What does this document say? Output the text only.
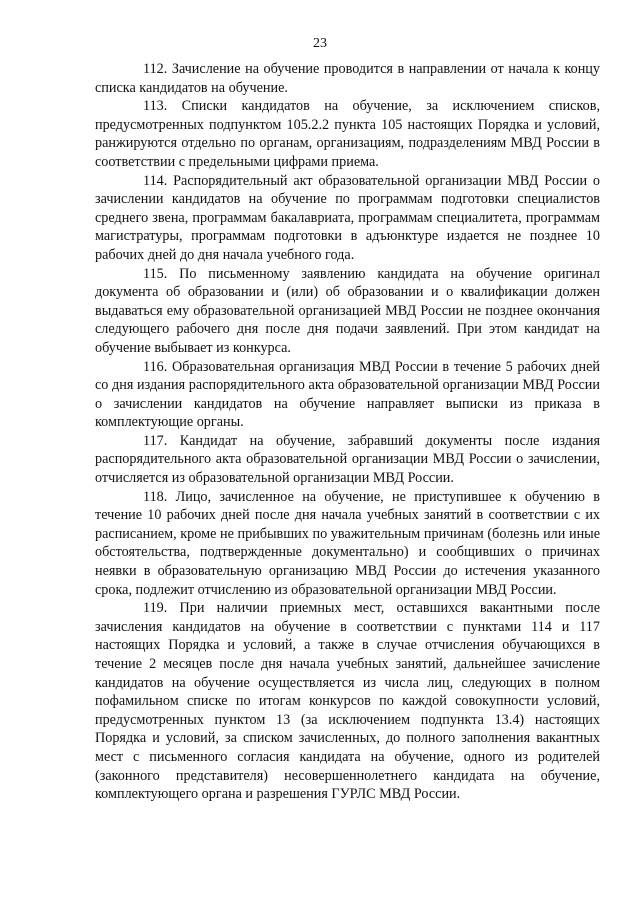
23

112. Зачисление на обучение проводится в направлении от начала к концу списка кандидатов на обучение.

113. Списки кандидатов на обучение, за исключением списков, предусмотренных подпунктом 105.2.2 пункта 105 настоящих Порядка и условий, ранжируются отдельно по органам, организациям, подразделениям МВД России в соответствии с предельными цифрами приема.

114. Распорядительный акт образовательной организации МВД России о зачислении кандидатов на обучение по программам подготовки специалистов среднего звена, программам бакалавриата, программам специалитета, программам магистратуры, программам подготовки в адъюнктуре издается не позднее 10 рабочих дней до дня начала учебного года.

115. По письменному заявлению кандидата на обучение оригинал документа об образовании и (или) об образовании и о квалификации должен выдаваться ему образовательной организацией МВД России не позднее окончания следующего рабочего дня после дня подачи заявлений. При этом кандидат на обучение выбывает из конкурса.

116. Образовательная организация МВД России в течение 5 рабочих дней со дня издания распорядительного акта образовательной организации МВД России о зачислении кандидатов на обучение направляет выписки из приказа в комплектующие органы.

117. Кандидат на обучение, забравший документы после издания распорядительного акта образовательной организации МВД России о зачислении, отчисляется из образовательной организации МВД России.

118. Лицо, зачисленное на обучение, не приступившее к обучению в течение 10 рабочих дней после дня начала учебных занятий в соответствии с их расписанием, кроме не прибывших по уважительным причинам (болезнь или иные обстоятельства, подтвержденные документально) и сообщивших о причинах неявки в образовательную организацию МВД России до истечения указанного срока, подлежит отчислению из образовательной организации МВД России.

119. При наличии приемных мест, оставшихся вакантными после зачисления кандидатов на обучение в соответствии с пунктами 114 и 117 настоящих Порядка и условий, а также в случае отчисления обучающихся в течение 2 месяцев после дня начала учебных занятий, дальнейшее зачисление кандидатов на обучение осуществляется из числа лиц, следующих в полном пофамильном списке по итогам конкурсов по каждой совокупности условий, предусмотренных пунктом 13 (за исключением подпункта 13.4) настоящих Порядка и условий, за списком зачисленных, до полного заполнения вакантных мест с письменного согласия кандидата на обучение, одного из родителей (законного представителя) несовершеннолетнего кандидата на обучение, комплектующего органа и разрешения ГУРЛС МВД России.
